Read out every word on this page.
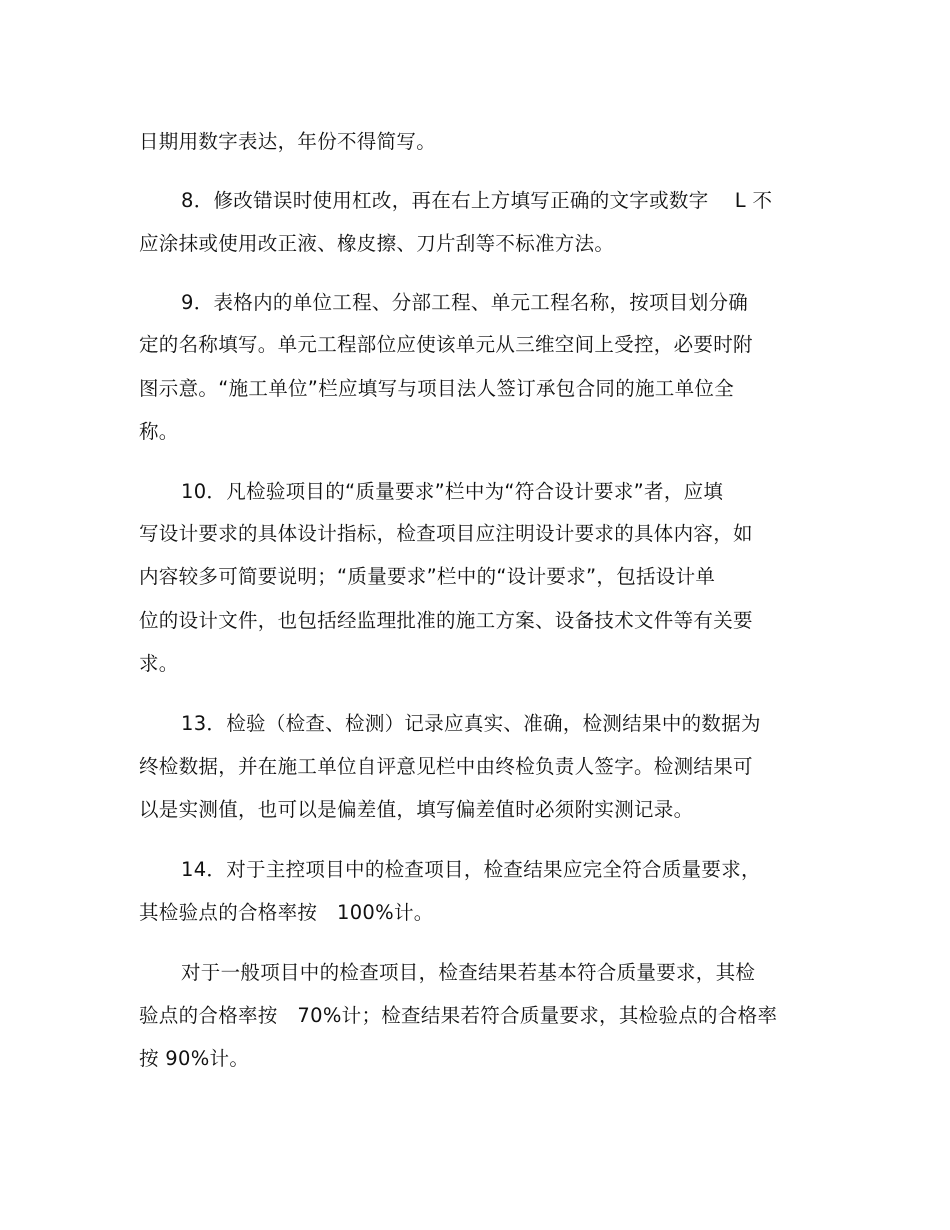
日期用数字表达，年份不得简写。
8．修改错误时使用杠改，再在右上方填写正确的文字或数字　 L 不
应涂抹或使用改正液、橡皮擦、刀片刮等不标准方法。
9．表格内的单位工程、分部工程、单元工程名称，按项目划分确
定的名称填写。单元工程部位应使该单元从三维空间上受控，必要时附
图示意。“施工单位”栏应填写与项目法人签订承包合同的施工单位全
称。
10．凡检验项目的“质量要求”栏中为“符合设计要求”者，应填
写设计要求的具体设计指标，检查项目应注明设计要求的具体内容，如
内容较多可简要说明；“质量要求”栏中的“设计要求”，包括设计单
位的设计文件，也包括经监理批准的施工方案、设备技术文件等有关要
求。
13．检验（检查、检测）记录应真实、准确，检测结果中的数据为
终检数据，并在施工单位自评意见栏中由终检负责人签字。检测结果可
以是实测值，也可以是偏差值，填写偏差值时必须附实测记录。
14．对于主控项目中的检查项目，检查结果应完全符合质量要求，
其检验点的合格率按　100%计。
对于一般项目中的检查项目，检查结果若基本符合质量要求，其检
验点的合格率按　70%计；检查结果若符合质量要求，其检验点的合格率
按 90%计。
